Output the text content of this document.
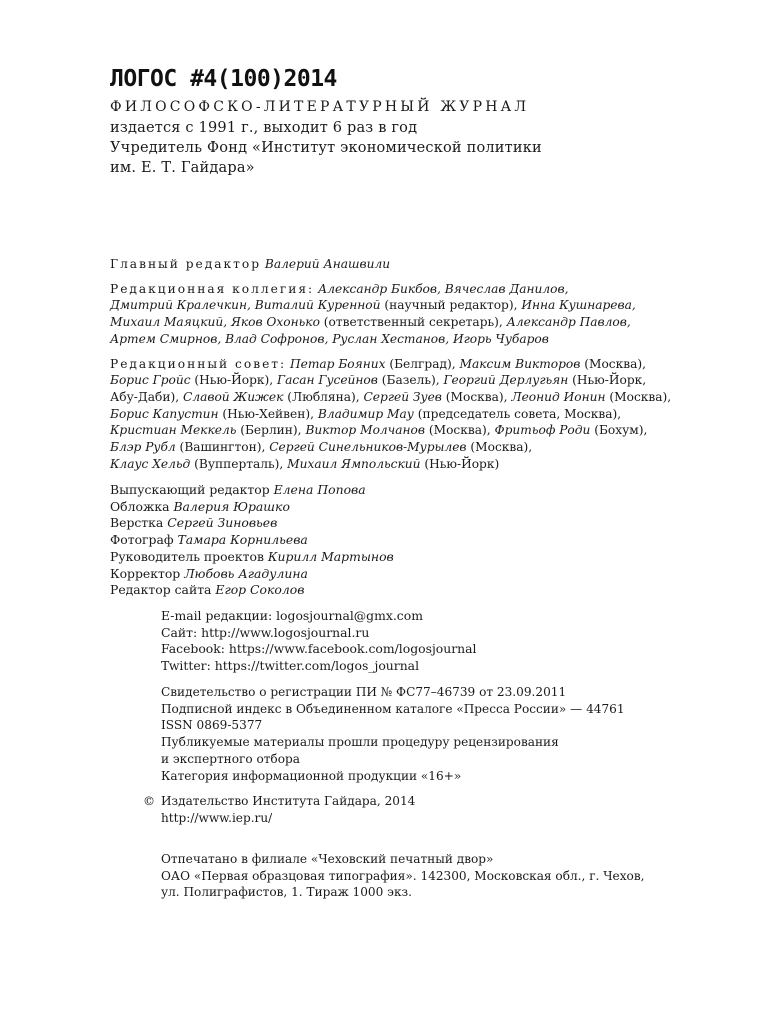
ЛОГОС #4(100)2014
ФИЛОСОФСКО-ЛИТЕРАТУРНЫЙ ЖУРНАЛ
издается с 1991 г., выходит 6 раз в год
Учредитель Фонд «Институт экономической политики
им. Е. Т. Гайдара»
Главный редактор Валерий Анашвили
Редакционная коллегия: Александр Бикбов, Вячеслав Данилов,
Дмитрий Кралечкин, Виталий Куренной (научный редактор), Инна Кушнарева,
Михаил Маяцкий, Яков Охонько (ответственный секретарь), Александр Павлов,
Артем Смирнов, Влад Софронов, Руслан Хестанов, Игорь Чубаров
Редакционный совет: Петар Бояних (Белград), Максим Викторов (Москва),
Борис Гройс (Нью-Йорк), Гасан Гусейнов (Базель), Георгий Дерлугьян (Нью-Йорк,
Абу-Даби), Славой Жижек (Любляна), Сергей Зуев (Москва), Леонид Ионин (Москва),
Борис Капустин (Нью-Хейвен), Владимир Мау (председатель совета, Москва),
Кристиан Меккель (Берлин), Виктор Молчанов (Москва), Фритьоф Роди (Бохум),
Блэр Рубл (Вашингтон), Сергей Синельников-Мурылев (Москва),
Клаус Хельд (Вупперталь), Михаил Ямпольский (Нью-Йорк)
Выпускающий редактор Елена Попова
Обложка Валерия Юрашко
Верстка Сергей Зиновьев
Фотограф Тамара Корнильева
Руководитель проектов Кирилл Мартынов
Корректор Любовь Агадулина
Редактор сайта Егор Соколов
E-mail редакции: logosjournal@gmx.com
Сайт: http://www.logosjournal.ru
Facebook: https://www.facebook.com/logosjournal
Twitter: https://twitter.com/logos_journal
Свидетельство о регистрации ПИ № ФС77–46739 от 23.09.2011
Подписной индекс в Объединенном каталоге «Пресса России» — 44761
ISSN 0869-5377
Публикуемые материалы прошли процедуру рецензирования
и экспертного отбора
Категория информационной продукции «16+»
© Издательство Института Гайдара, 2014
http://www.iep.ru/
Отпечатано в филиале «Чеховский печатный двор»
ОАО «Первая образцовая типография». 142300, Московская обл., г. Чехов,
ул. Полиграфистов, 1. Тираж 1000 экз.
